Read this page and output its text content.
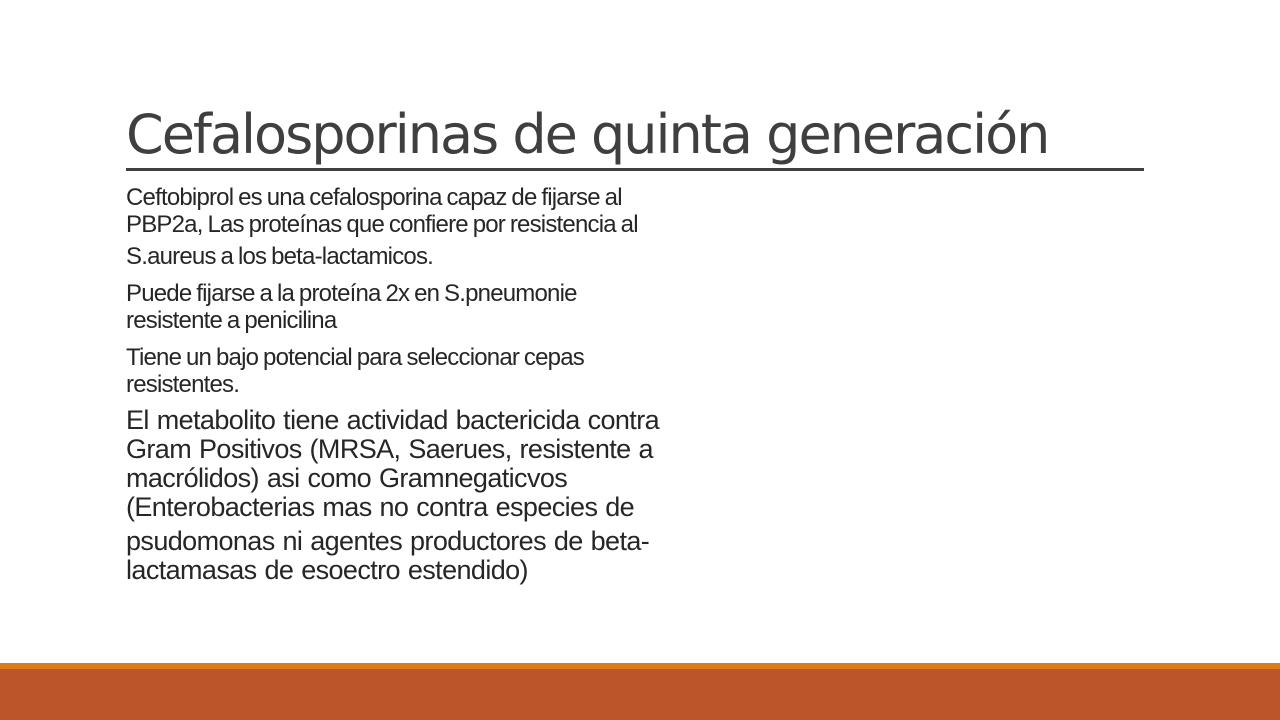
Cefalosporinas de quinta generación

Ceftobiprol es una cefalosporina capaz de fijarse al
PBP2a, Las proteínas que confiere por resistencia al
S.aureus a los beta-lactamicos.

Puede fijarse a la proteína 2x en S.pneumonie
resistente a penicilina

Tiene un bajo potencial para seleccionar cepas
resistentes.

El metabolito tiene actividad bactericida contra
Gram Positivos (MRSA, Saerues, resistente a
macrólidos) asi como Gramnegaticvos
(Enterobacterias mas no contra especies de
psudomonas ni agentes productores de beta-
lactamasas de esoectro estendido)
